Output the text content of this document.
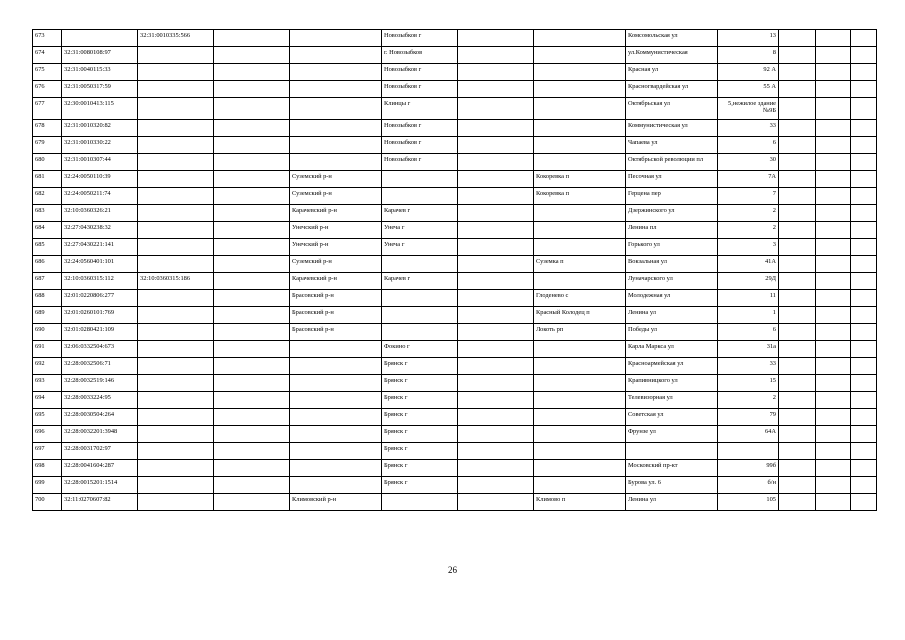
673		32:31:0010335:566			Новозыбков г			Комсомольская ул	13			
674	32:31:0080108:97				г. Новозыбков			ул.Коммунистическая	8			
675	32:31:0040115:33				Новозыбков г			Красная ул	92 А			
676	32:31:0050317:59				Новозыбков г			Красногвардейская ул	55 А			
677	32:30:0010413:115				Клинцы г			Октябрьская ул	5,нежилое здание №9Б			
678	32:31:0010320:82				Новозыбков г			Коммунистическая ул	33			
679	32:31:0010330:22				Новозыбков г			Чапаева ул	6			
680	32:31:0010307:44				Новозыбков г			Октябрьской революции пл	30			
681	32:24:0050110:39			Суземский р-н			Кокоревка п	Песочная ул	7А			
682	32:24:0050211:74			Суземский р-н			Кокоревка п	Герцена пер	7			
683	32:10:0360326:21			Карачевский р-н	Карачев г			Дзержинского ул	2			
684	32:27:0430238:32			Унечский р-н	Унеча г			Ленина пл	2			
685	32:27:0430221:141			Унечский р-н	Унеча г			Горького ул	3			
686	32:24:0560401:101			Суземский р-н			Суземка п	Вокзальная ул	41А			
687	32:10:0360315:112	32:10:0360315:186		Карачевский р-н	Карачев г			Луначарского ул	29Д			
688	32:01:0220806:277			Брасовский р-н			Глоденево с	Молодежная ул	11			
689	32:01:0260101:769			Брасовский р-н			Красный Колодец п	Ленина ул	1			
690	32:01:0280421:109			Брасовский р-н			Локоть рп	Победы ул	6			
691	32:06:0332504:673				Фокино г			Карла Маркса ул	31а			
692	32:28:0032506:71				Брянск г			Красноармейская ул	33			
693	32:28:0032519:146				Брянск г			Крапивницкого ул	15			
694	32:28:0033224:95				Брянск г			Телевизорная ул	2			
695	32:28:0030504:264				Брянск г			Советская ул	79			
696	32:28:0032201:3948				Брянск г			Фрунзе ул	64А			
697	32:28:0031702:97				Брянск г							
698	32:28:0041604:287				Брянск г			Московский пр-кт	99б			
699	32:28:0015201:1514				Брянск г			Бурова ул. 6	б/н			
700	32:11:0270607:82			Климовский р-н			Климово п	Ленина ул	105			
26
